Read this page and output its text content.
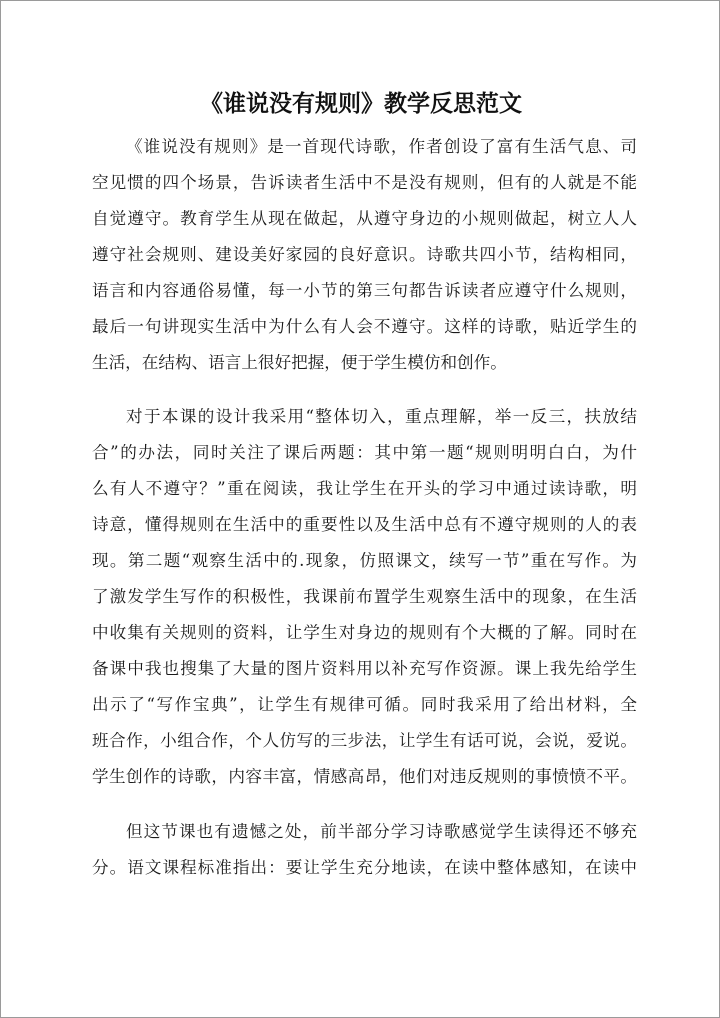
《谁说没有规则》教学反思范文
《谁说没有规则》是一首现代诗歌，作者创设了富有生活气息、司
空见惯的四个场景，告诉读者生活中不是没有规则，但有的人就是不能
自觉遵守。教育学生从现在做起，从遵守身边的小规则做起，树立人人
遵守社会规则、建设美好家园的良好意识。诗歌共四小节，结构相同，
语言和内容通俗易懂，每一小节的第三句都告诉读者应遵守什么规则，
最后一句讲现实生活中为什么有人会不遵守。这样的诗歌，贴近学生的
生活，在结构、语言上很好把握，便于学生模仿和创作。
对于本课的设计我采用“整体切入，重点理解，举一反三，扶放结
合”的办法，同时关注了课后两题：其中第一题“规则明明白白，为什
么有人不遵守？”重在阅读，我让学生在开头的学习中通过读诗歌，明
诗意，懂得规则在生活中的重要性以及生活中总有不遵守规则的人的表
现。第二题“观察生活中的.现象，仿照课文，续写一节”重在写作。为
了激发学生写作的积极性，我课前布置学生观察生活中的现象，在生活
中收集有关规则的资料，让学生对身边的规则有个大概的了解。同时在
备课中我也搜集了大量的图片资料用以补充写作资源。课上我先给学生
出示了“写作宝典”，让学生有规律可循。同时我采用了给出材料，全
班合作，小组合作，个人仿写的三步法，让学生有话可说，会说，爱说。
学生创作的诗歌，内容丰富，情感高昂，他们对违反规则的事愤愤不平。
但这节课也有遗憾之处，前半部分学习诗歌感觉学生读得还不够充
分。语文课程标准指出：要让学生充分地读，在读中整体感知，在读中
